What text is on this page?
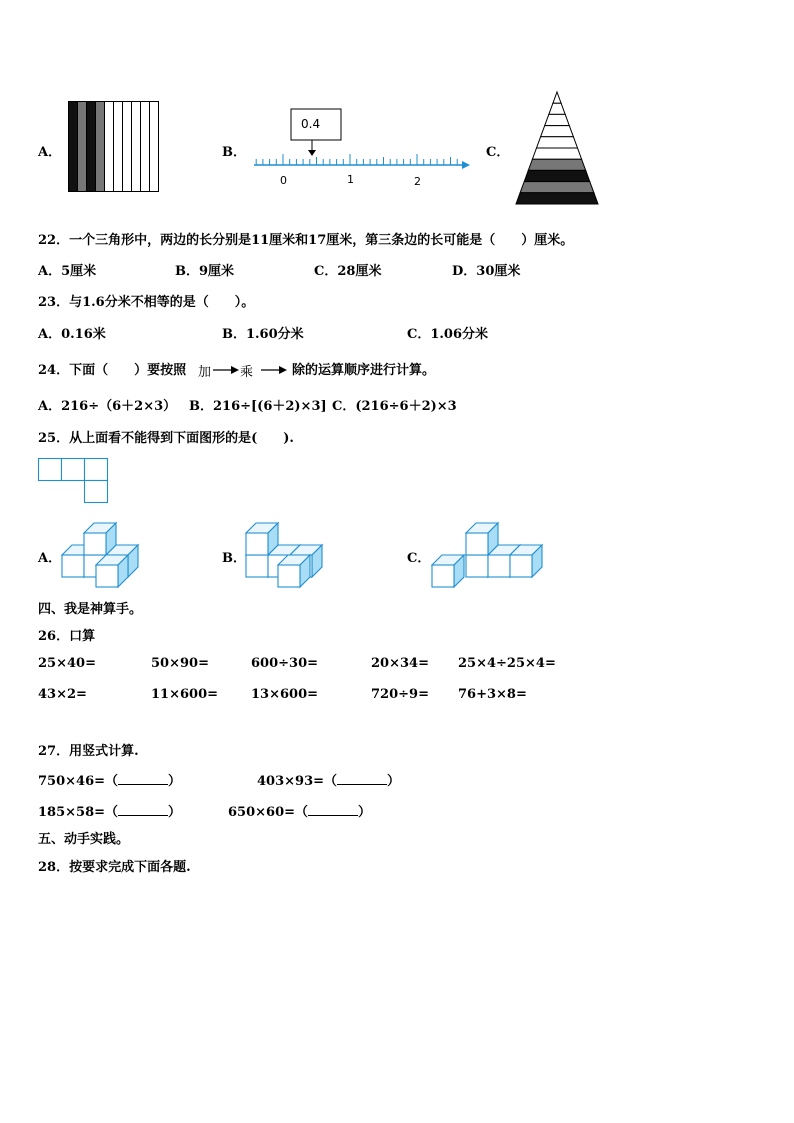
A．	B．
0.4
0	1	2
C．
22．一个三角形中，两边的长分别是11厘米和17厘米，第三条边的长可能是（　　）厘米。
A．5厘米	B．9厘米	C．28厘米	D．30厘米
23．与1.6分米不相等的是（　　）。
A．0.16米	B．1.60分米	C．1.06分米
24．下面（　　）要按照 加 乘	除的运算顺序进行计算。
A．216÷（6＋2×3） B．216÷[(6＋2)×3] C．(216÷6＋2)×3
25．从上面看不能得到下面图形的是(　　).
A．	B．	C．
四、我是神算手。
26．口算
25×40=	50×90=	600÷30=	20×34= 25×4÷25×4=
43×2=	11×600=	13×600=	720÷9= 76+3×8=
27．用竖式计算.
750×46=（	）	403×93=（	）
185×58=（	）	650×60=（	）
五、动手实践。
28．按要求完成下面各题.
